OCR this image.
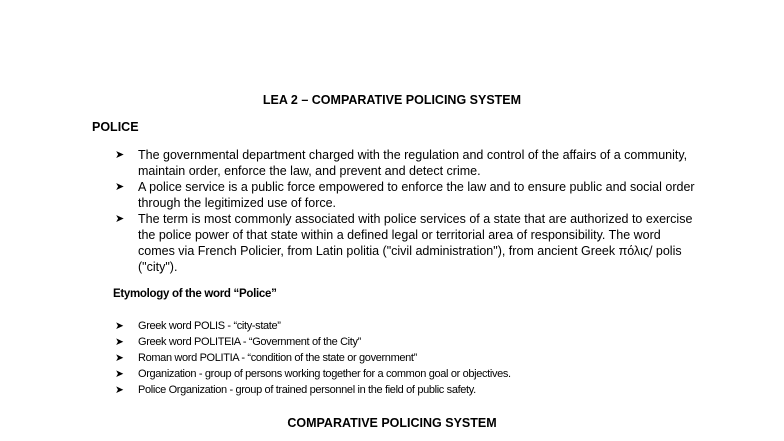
LEA 2 – COMPARATIVE POLICING SYSTEM
POLICE
➤ The governmental department charged with the regulation and control of the affairs of a community, maintain order, enforce the law, and prevent and detect crime.
➤ A police service is a public force empowered to enforce the law and to ensure public and social order through the legitimized use of force.
➤ The term is most commonly associated with police services of a state that are authorized to exercise the police power of that state within a defined legal or territorial area of responsibility. The word comes via French Policier, from Latin politia ("civil administration"), from ancient Greek πόλις/ polis ("city").
Etymology of the word “Police”
➤ Greek word POLIS - “city-state”
➤ Greek word POLITEIA - “Government of the City”
➤ Roman word POLITIA - “condition of the state or government”
➤ Organization - group of persons working together for a common goal or objectives.
➤ Police Organization - group of trained personnel in the field of public safety.
COMPARATIVE POLICING SYSTEM
